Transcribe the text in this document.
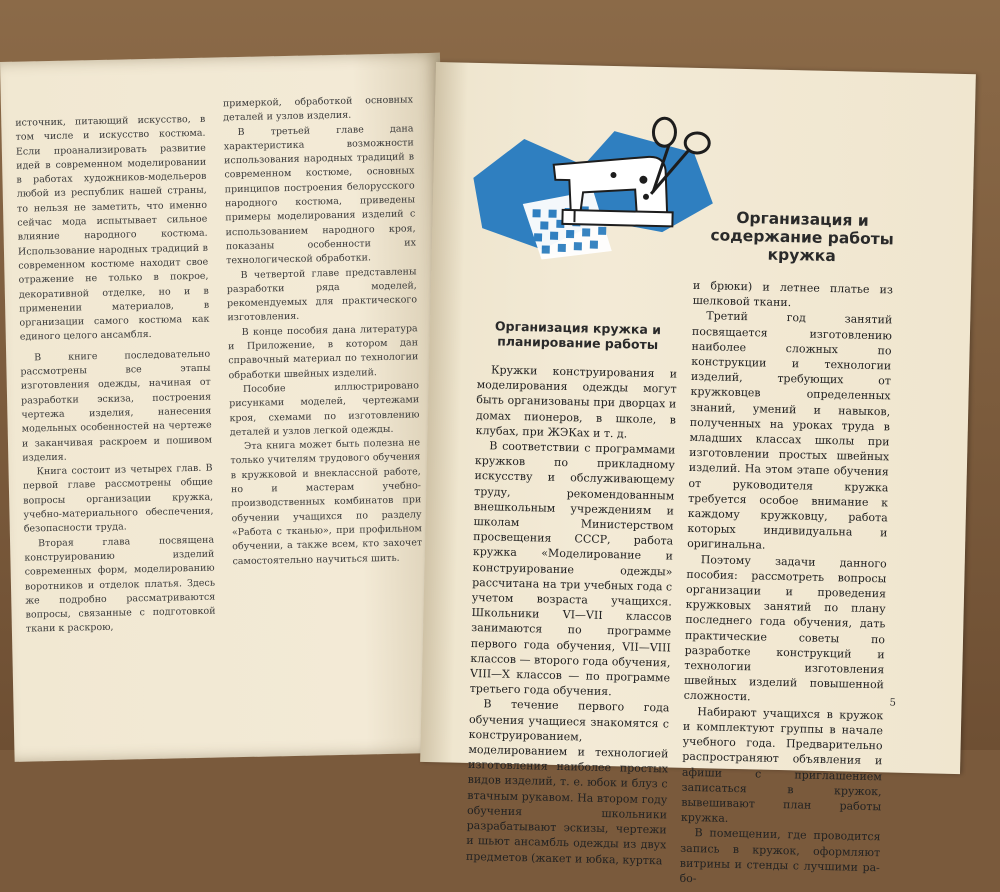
источник, питающий искусство, в том числе и искусство костюма. Если проанализировать развитие идей в современном моделировании в работах художников-модельеров любой из республик нашей страны, то нельзя не заметить, что именно сейчас мода испытывает сильное влияние народного костюма. Использование народных традиций в современном костюме находит свое отражение не только в покрое, декоративной отделке, но и в применении материалов, в организации самого костюма как единого целого ансамбля.

В книге последовательно рассмотрены все этапы изготовления одежды, начиная от разработки эскиза, построения чертежа изделия, нанесения модельных особенностей на чертеже и заканчивая раскроем и пошивом изделия.

Книга состоит из четырех глав. В первой главе рассмотрены общие вопросы организации кружка, учебно-материального обеспечения, безопасности труда.

Вторая глава посвящена конструированию изделий современных форм, моделированию воротников и отделок платья. Здесь же подробно рассматриваются вопросы, связанные с подготовкой ткани к раскрою,

примеркой, обработкой основных деталей и узлов изделия.

В третьей главе дана характеристика возможности использования народных традиций в современном костюме, основных принципов построения белорусского народного костюма, приведены примеры моделирования изделий с использованием народного кроя, показаны особенности их технологической обработки.

В четвертой главе представлены разработки ряда моделей, рекомендуемых для практического изготовления.

В конце пособия дана литература и Приложение, в котором дан справочный материал по технологии обработки швейных изделий.

Пособие иллюстрировано рисунками моделей, чертежами кроя, схемами по изготовлению деталей и узлов легкой одежды.

Эта книга может быть полезна не только учителям трудового обучения в кружковой и внеклассной работе, но и мастерам учебно-производственных комбинатов при обучении учащихся по разделу «Работа с тканью», при профильном обучении, а также всем, кто захочет самостоятельно научиться шить.

Организация и содержание работы кружка
Организация кружка и планирование работы

Кружки конструирования и моделирования одежды могут быть организованы при дворцах и домах пионеров, в школе, в клубах, при ЖЭКах и т. д.

В соответствии с программами кружков по прикладному искусству и обслуживающему труду, рекомендованным внешкольным учреждениям и школам Министерством просвещения СССР, работа кружка «Моделирование и конструирование одежды» рассчитана на три учебных года с учетом возраста учащихся. Школьники VI—VII классов занимаются по программе первого года обучения, VII—VIII классов — второго года обучения, VIII—X классов — по программе третьего года обучения.

В течение первого года обучения учащиеся знакомятся с конструированием, моделированием и технологией изготовления наиболее простых видов изделий, т. е. юбок и блуз с втачным рукавом. На втором году обучения школьники разрабатывают эскизы, чертежи и шьют ансамбль одежды из двух предметов (жакет и юбка, куртка

и брюки) и летнее платье из шелковой ткани.

Третий год занятий посвящается изготовлению наиболее сложных по конструкции и технологии изделий, требующих от кружковцев определенных знаний, умений и навыков, полученных на уроках труда в младших классах школы при изготовлении простых швейных изделий. На этом этапе обучения от руководителя кружка требуется особое внимание к каждому кружковцу, работа которых индивидуальна и оригинальна.

Поэтому задачи данного пособия: рассмотреть вопросы организации и проведения кружковых занятий по плану последнего года обучения, дать практические советы по разработке конструкций и технологии изготовления швейных изделий повышенной сложности.

Набирают учащихся в кружок и комплектуют группы в начале учебного года. Предварительно распространяют объявления и афиши с приглашением записаться в кружок, вывешивают план работы кружка.

В помещении, где проводится запись в кружок, оформляют витрины и стенды с лучшими рабо-

5
